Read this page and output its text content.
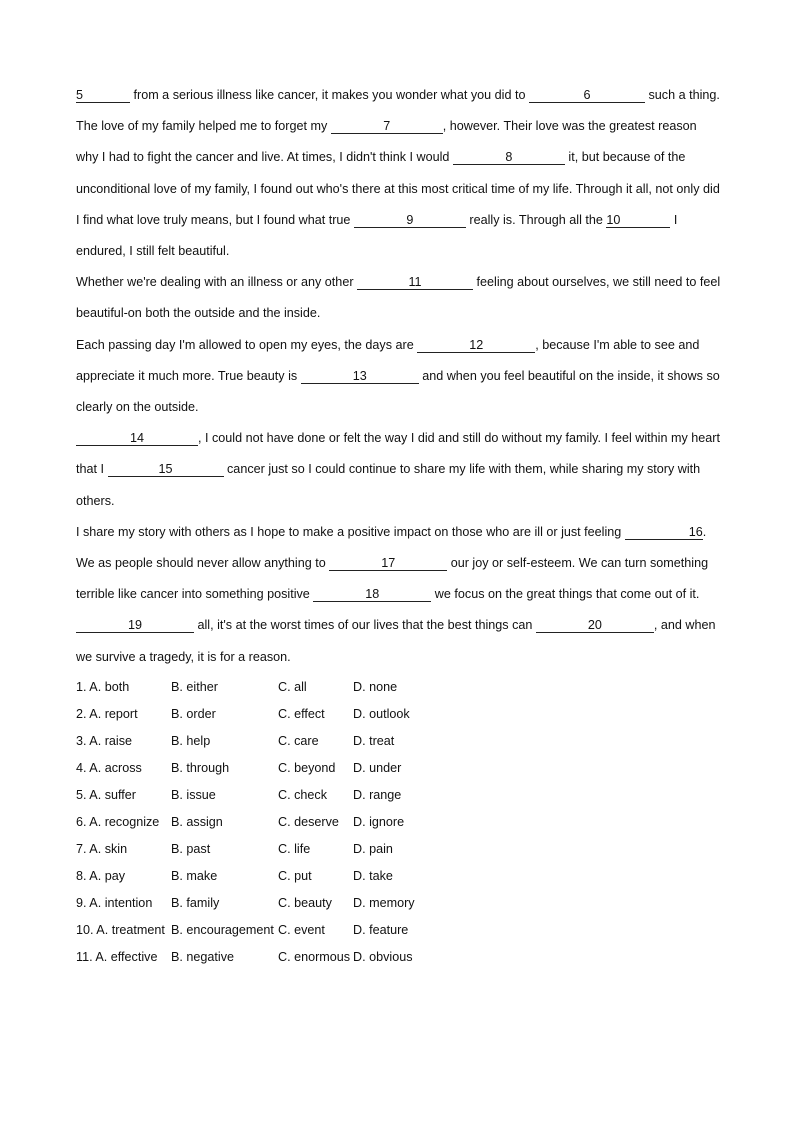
5	from a serious illness like cancer, it makes you wonder what you did to	6	such a thing.

The love of my family helped me to forget my	7	, however. Their love was the greatest reason why I had to fight the cancer and live. At times, I didn't think I would	8	it, but because of the unconditional love of my family, I found out who's there at this most critical time of my life. Through it all, not only did I find what love truly means, but I found what true	9	really is. Through all the 10	I endured, I still felt beautiful.

Whether we're dealing with an illness or any other	11	feeling about ourselves, we still need to feel beautiful-on both the outside and the inside.

Each passing day I'm allowed to open my eyes, the days are	12	, because I'm able to see and appreciate it much more. True beauty is	13	and when you feel beautiful on the inside, it shows so clearly on the outside.

14	, I could not have done or felt the way I did and still do without my family. I feel within my heart that I	15	cancer just so I could continue to share my life with them, while sharing my story with others.

I share my story with others as I hope to make a positive impact on those who are ill or just feeling	16. We as people should never allow anything to	17	our joy or self-esteem. We can turn something terrible like cancer into something positive	18	we focus on the great things that come out of it.

19	all, it's at the worst times of our lives that the best things can	20	, and when we survive a tragedy, it is for a reason.

1. A. both	B. either	C. all	D. none
2. A. report	B. order	C. effect	D. outlook
3. A. raise	B. help	C. care	D. treat
4. A. across	B. through	C. beyond	D. under
5. A. suffer	B. issue	C. check	D. range
6. A. recognize B. assign	C. deserve	D. ignore
7. A. skin	B. past	C. life	D. pain
8. A. pay	B. make	C. put	D. take
9. A. intention	B. family	C. beauty	D. memory
10. A. treatment B. encouragement C. event	D. feature
11. A. effective	B. negative	C. enormous D. obvious
